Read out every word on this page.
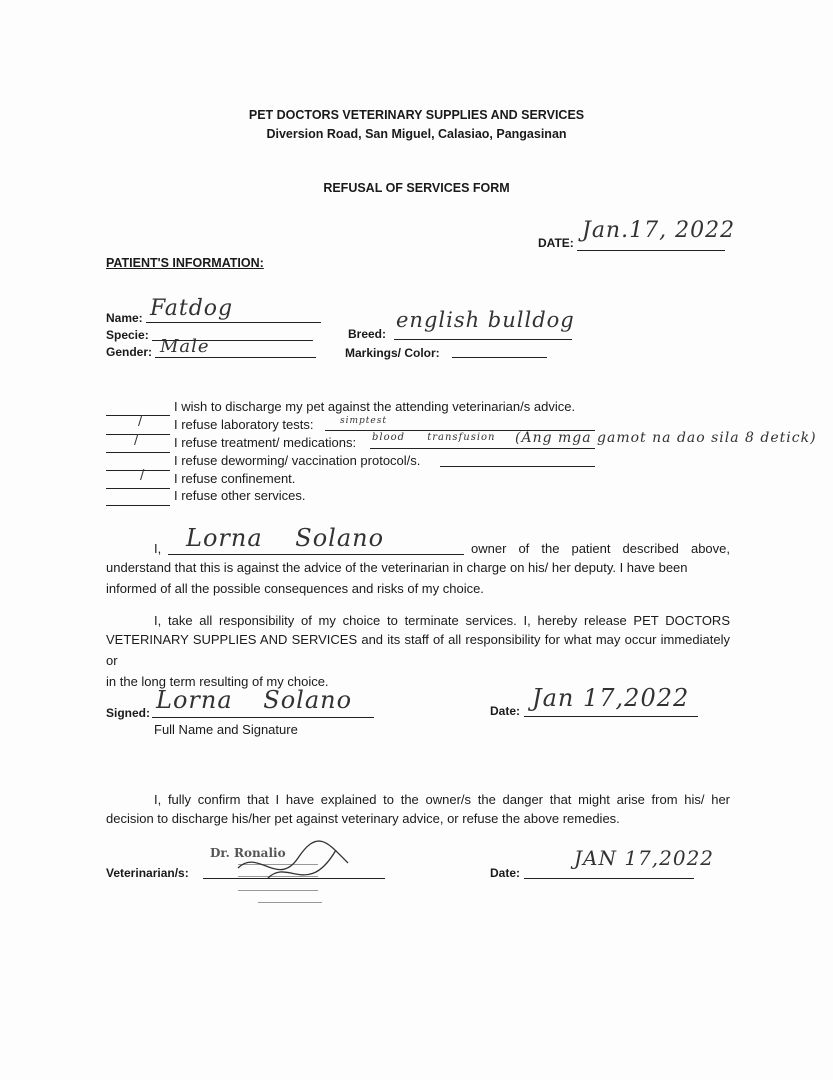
PET DOCTORS VETERINARY SUPPLIES AND SERVICES
Diversion Road, San Miguel, Calasiao, Pangasinan
REFUSAL OF SERVICES FORM
DATE: Jan.17, 2022
PATIENT'S INFORMATION:
Name: Fatdog
Specie:
Gender: Male
Breed:
english bulldog
Markings/ Color:
I wish to discharge my pet against the attending veterinarian/s advice.
/ I refuse laboratory tests:	simptest
/	I refuse treatment/ medications: blood transfusion (Ang mga gamot na dao sila 8 detick)
I refuse deworming/ vaccination protocol/s.
/ I refuse confinement.
I refuse other services.
I, Lorna Solano	owner of the patient described above,

understand that this is against the advice of the veterinarian in charge on his/ her deputy. I have been

informed of all the possible consequences and risks of my choice.

I, take all responsibility of my choice to terminate services. I, hereby release PET DOCTORS

VETERINARY SUPPLIES AND SERVICES and its staff of all responsibility for what may occur immediately or

in the long term resulting of my choice.

Signed: Lorna Solano
Full Name and Signature
Date: Jan 17,2022
I, fully confirm that I have explained to the owner/s the danger that might arise from his/ her
decision to discharge his/her pet against veterinary advice, or refuse the above remedies.
Veterinarian/s:
Dr. Ronalio
Date:
JAN 17,2022
